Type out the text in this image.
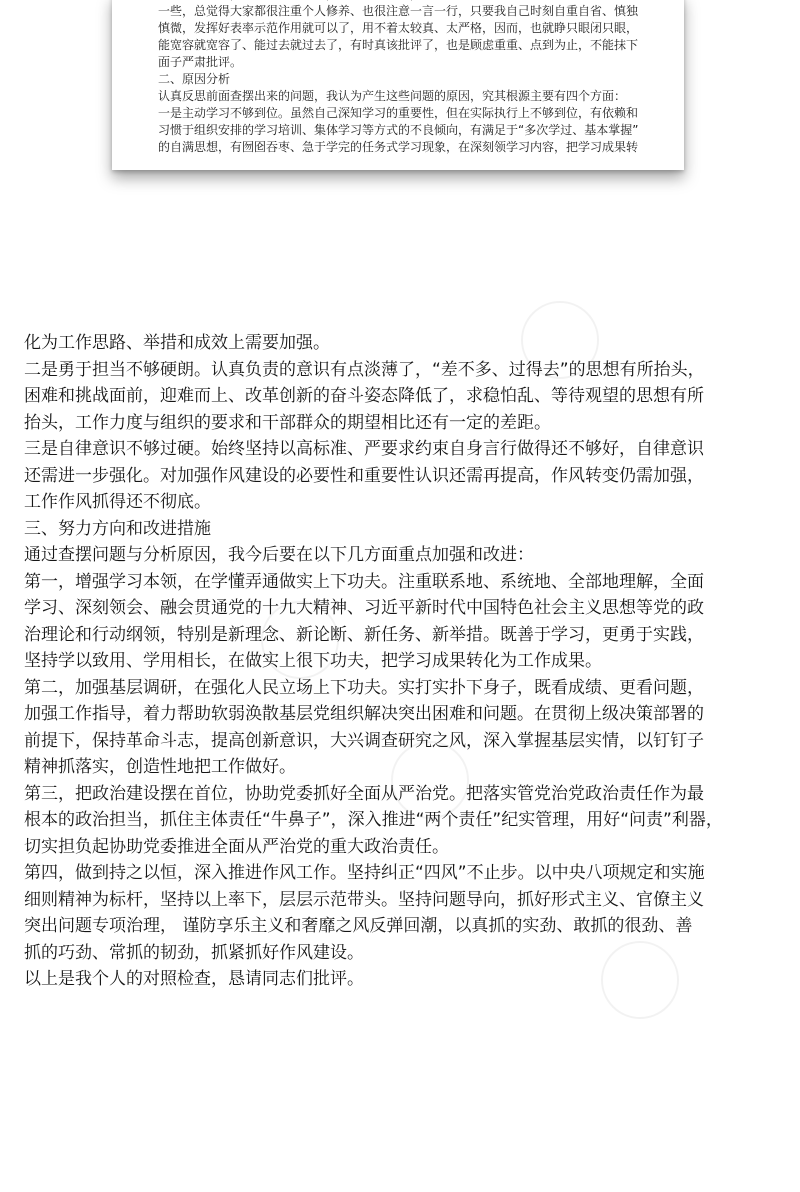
一些，总觉得大家都很注重个人修养、也很注意一言一行，只要我自己时刻自重自省、慎独

慎微，发挥好表率示范作用就可以了，用不着太较真、太严格，因而，也就睁只眼闭只眼，

能宽容就宽容了、能过去就过去了，有时真该批评了，也是顾虑重重、点到为止，不能抹下

面子严肃批评。

二、原因分析

认真反思前面查摆出来的问题，我认为产生这些问题的原因，究其根源主要有四个方面：

一是主动学习不够到位。虽然自己深知学习的重要性，但在实际执行上不够到位，有依赖和

习惯于组织安排的学习培训、集体学习等方式的不良倾向，有满足于“多次学过、基本掌握”

的自满思想，有囫囵吞枣、急于学完的任务式学习现象，在深刻领学习内容，把学习成果转

化为工作思路、举措和成效上需要加强。

二是勇于担当不够硬朗。认真负责的意识有点淡薄了，“差不多、过得去”的思想有所抬头，

困难和挑战面前，迎难而上、改革创新的奋斗姿态降低了，求稳怕乱、等待观望的思想有所

抬头，工作力度与组织的要求和干部群众的期望相比还有一定的差距。

三是自律意识不够过硬。始终坚持以高标准、严要求约束自身言行做得还不够好，自律意识

还需进一步强化。对加强作风建设的必要性和重要性认识还需再提高，作风转变仍需加强，

工作作风抓得还不彻底。

三、努力方向和改进措施

通过查摆问题与分析原因，我今后要在以下几方面重点加强和改进：

第一，增强学习本领，在学懂弄通做实上下功夫。注重联系地、系统地、全部地理解，全面

学习、深刻领会、融会贯通党的十九大精神、习近平新时代中国特色社会主义思想等党的政

治理论和行动纲领，特别是新理念、新论断、新任务、新举措。既善于学习，更勇于实践，

坚持学以致用、学用相长，在做实上很下功夫，把学习成果转化为工作成果。

第二，加强基层调研，在强化人民立场上下功夫。实打实扑下身子，既看成绩、更看问题，

加强工作指导，着力帮助软弱涣散基层党组织解决突出困难和问题。在贯彻上级决策部署的

前提下，保持革命斗志，提高创新意识，大兴调查研究之风，深入掌握基层实情，以钉钉子

精神抓落实，创造性地把工作做好。

第三，把政治建设摆在首位，协助党委抓好全面从严治党。把落实管党治党政治责任作为最

根本的政治担当，抓住主体责任“牛鼻子”，深入推进“两个责任”纪实管理，用好“问责”利器，

切实担负起协助党委推进全面从严治党的重大政治责任。

第四，做到持之以恒，深入推进作风工作。坚持纠正“四风”不止步。以中央八项规定和实施

细则精神为标杆，坚持以上率下，层层示范带头。坚持问题导向，抓好形式主义、官僚主义

突出问题专项治理， 谨防享乐主义和奢靡之风反弹回潮，以真抓的实劲、敢抓的很劲、善

抓的巧劲、常抓的韧劲，抓紧抓好作风建设。

以上是我个人的对照检查，恳请同志们批评。
